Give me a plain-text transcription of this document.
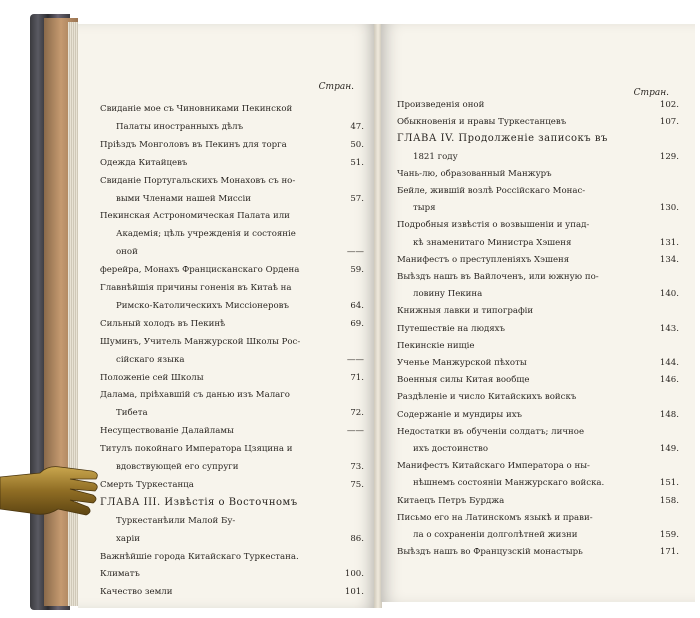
Стран.
Свиданіе мое съ Чиновниками Пекинской
Палаты иностранныхъ дѣлъ	47.
Пріѣздъ Монголовъ въ Пекинъ для торга	50.
Одежда Китайцевъ	51.
Свиданіе Португальскихъ Монаховъ съ но-
выми Членами нашей Миссіи	57.
Пекинская Астрономическая Палата или
Академія; цѣль учрежденія и состояніе
оной	——
ферейра, Монахъ Францисканскаго Ордена	59.
Главнѣйшія причины гоненія въ Китаѣ на
Римско-Католическихъ Миссіонеровъ	64.
Сильный холодъ въ Пекинѣ	69.
Шуминъ, Учитель Манжурской Школы Рос-
сійскаго языка	——
Положеніе сей Школы	71.
Далама, пріѣхавшій съ данью изъ Малаго
Тибета	72.
Несуществованіе Далайламы	——
Титулъ покойнаго Императора Цзяцина и
вдовствующей его супруги	73.
Смерть Туркестанца	75.
ГЛАВА III. Извѣстія о Восточномъ
Туркестанѣили Малой Бу-
харіи	86.
Важнѣйшіе города Китайскаго Туркестана.
Климатъ	100.
Качество земли	101.
Стран.
Произведенія оной	102.
Обыкновенія и нравы Туркестанцевъ	107.
ГЛАВА IV. Продолженіе записокъ въ
1821 году	129.
Чань-лю, образованный Манжуръ
Бейле, жившій возлѣ Россійскаго Монас-
тыря	130.
Подробныя извѣстія о возвышеніи и упад-
кѣ знаменитаго Министра Хэшеня	131.
Манифестъ о преступленіяхъ Хэшеня	134.
Выѣздъ нашъ въ Вайлоченъ, или южную по-
ловину Пекина	140.
Книжныя лавки и типографіи
Путешествіе на людяхъ	143.
Пекинскіе нищіе
Ученье Манжурской пѣхоты	144.
Военныя силы Китая вообще	146.
Раздѣленіе и число Китайскихъ войскъ
Содержаніе и мундиры ихъ	148.
Недостатки въ обученіи солдатъ; личное
ихъ достоинство	149.
Манифестъ Китайскаго Императора о ны-
нѣшнемъ состояніи Манжурскаго войска.	151.
Китаецъ Петръ Бурджа	158.
Письмо его на Латинскомъ языкѣ и прави-
ла о сохраненіи долголѣтней жизни	159.
Выѣздъ нашъ во Французскій монастырь	171.
